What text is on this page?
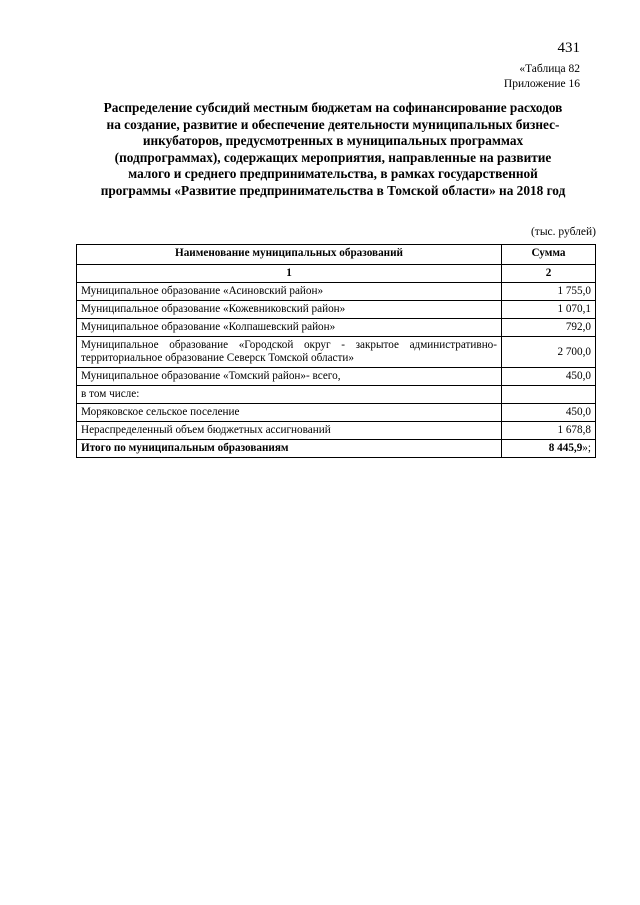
431
«Таблица 82
Приложение 16
Распределение субсидий местным бюджетам на софинансирование расходов
на создание, развитие и обеспечение деятельности муниципальных бизнес-
инкубаторов, предусмотренных в муниципальных программах
(подпрограммах), содержащих мероприятия, направленные на развитие
малого и среднего предпринимательства, в рамках государственной
программы «Развитие предпринимательства в Томской области» на 2018 год
(тыс. рублей)
Наименование муниципальных образований	Сумма
1	2
Муниципальное образование «Асиновский район»	1 755,0
Муниципальное образование «Кожевниковский район»	1 070,1
Муниципальное образование «Колпашевский район»	792,0
Муниципальное образование «Городской округ - закрытое административно-территориальное образование Северск Томской области»	2 700,0
Муниципальное образование «Томский район»- всего,	450,0
в том числе:	
Моряковское сельское поселение	450,0
Нераспределенный объем бюджетных ассигнований	1 678,8
Итого по муниципальным образованиям	8 445,9»;
